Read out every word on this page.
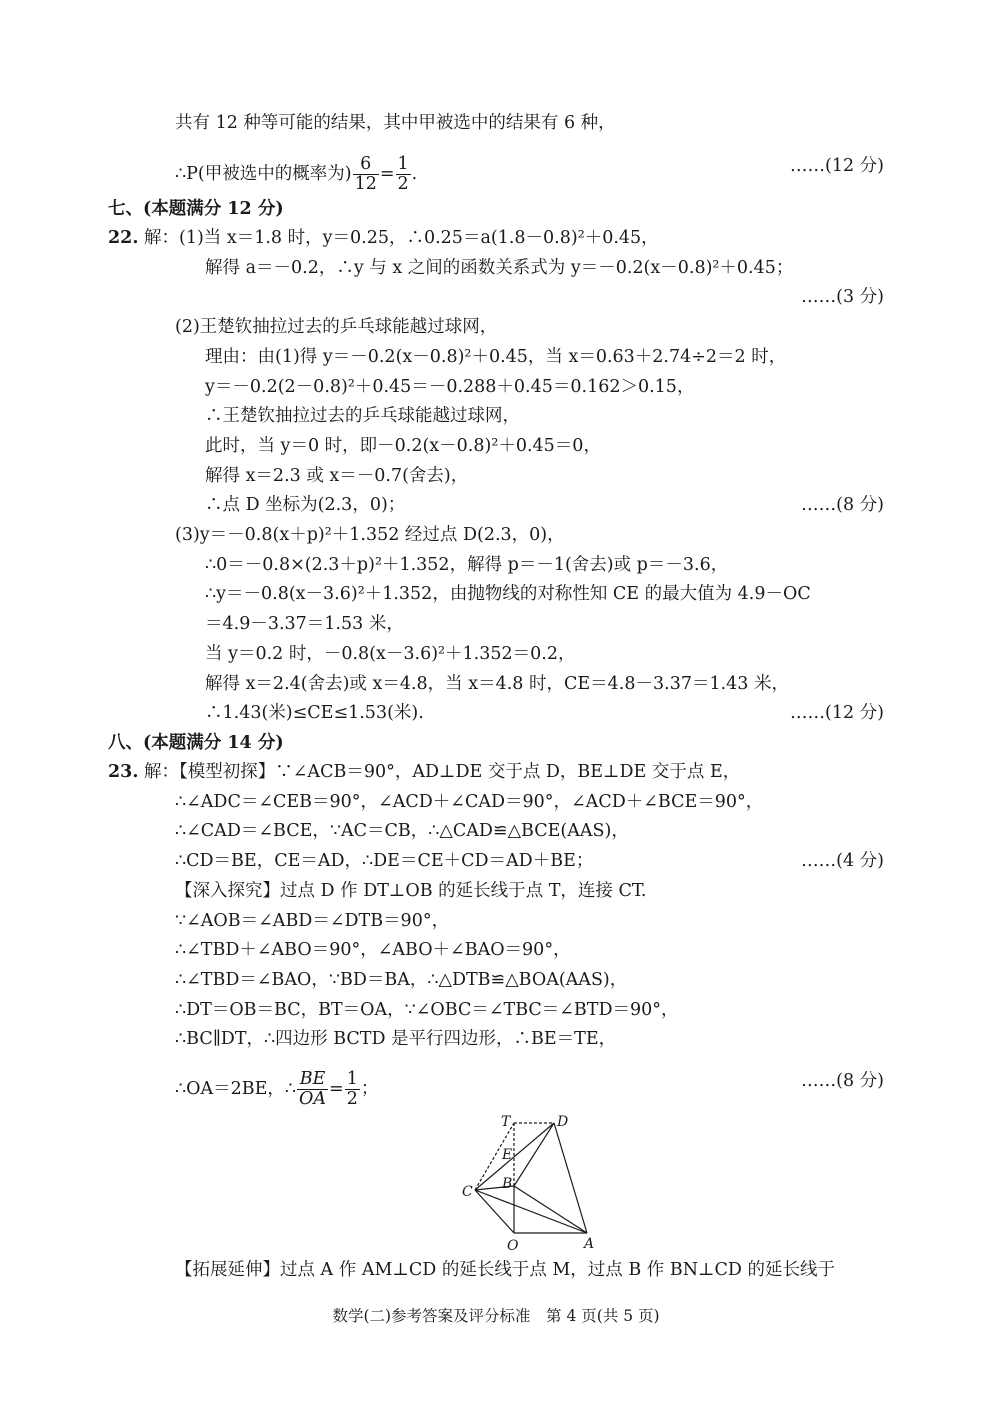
共有 12 种等可能的结果，其中甲被选中的结果有 6 种，
∴P(甲被选中的概率为) $\frac{6}{12} = \frac{1}{2}$ .	……(12 分)
七、(本题满分 12 分)
22. 解：(1)当 x＝1.8 时，y＝0.25，∴0.25＝a(1.8－0.8)²＋0.45，
解得 a＝－0.2，∴y 与 x 之间的函数关系式为 y＝－0.2(x－0.8)²＋0.45；
……(3 分)
(2)王楚钦抽拉过去的乒乓球能越过球网，
理由：由(1)得 y＝－0.2(x－0.8)²＋0.45，当 x＝0.63＋2.74÷2＝2 时，
y＝－0.2(2－0.8)²＋0.45＝－0.288＋0.45＝0.162＞0.15，
∴王楚钦抽拉过去的乒乓球能越过球网，
此时，当 y＝0 时，即－0.2(x－0.8)²＋0.45＝0，
解得 x＝2.3 或 x＝－0.7(舍去)，
∴点 D 坐标为(2.3，0)；	……(8 分)
(3)y＝－0.8(x＋p)²＋1.352 经过点 D(2.3，0)，
∴0＝－0.8×(2.3＋p)²＋1.352，解得 p＝－1(舍去)或 p＝－3.6，
∴y＝－0.8(x－3.6)²＋1.352，由抛物线的对称性知 CE 的最大值为 4.9－OC
＝4.9－3.37＝1.53 米，
当 y＝0.2 时，－0.8(x－3.6)²＋1.352＝0.2，
解得 x＝2.4(舍去)或 x＝4.8，当 x＝4.8 时，CE＝4.8－3.37＝1.43 米，
∴1.43(米)≤CE≤1.53(米).	……(12 分)
八、(本题满分 14 分)
23. 解：【模型初探】∵∠ACB＝90°，AD⊥DE 交于点 D，BE⊥DE 交于点 E，
∴∠ADC＝∠CEB＝90°，∠ACD＋∠CAD＝90°，∠ACD＋∠BCE＝90°，
∴∠CAD＝∠BCE，∵AC＝CB，∴△CAD≌△BCE(AAS)，
∴CD＝BE，CE＝AD，∴DE＝CE＋CD＝AD＋BE；	……(4 分)
【深入探究】过点 D 作 DT⊥OB 的延长线于点 T，连接 CT.
∵∠AOB＝∠ABD＝∠DTB＝90°，
∴∠TBD＋∠ABO＝90°，∠ABO＋∠BAO＝90°，
∴∠TBD＝∠BAO，∵BD＝BA，∴△DTB≌△BOA(AAS)，
∴DT＝OB＝BC，BT＝OA，∵∠OBC＝∠TBC＝∠BTD＝90°，
∴BC∥DT，∴四边形 BCTD 是平行四边形，∴BE＝TE，
∴OA＝2BE，∴ $\frac{BE}{OA} = \frac{1}{2}$ ；	……(8 分)
T	D
E
B
C
O	A
【拓展延伸】过点 A 作 AM⊥CD 的延长线于点 M，过点 B 作 BN⊥CD 的延长线于
数学(二)参考答案及评分标准　第 4 页(共 5 页)
